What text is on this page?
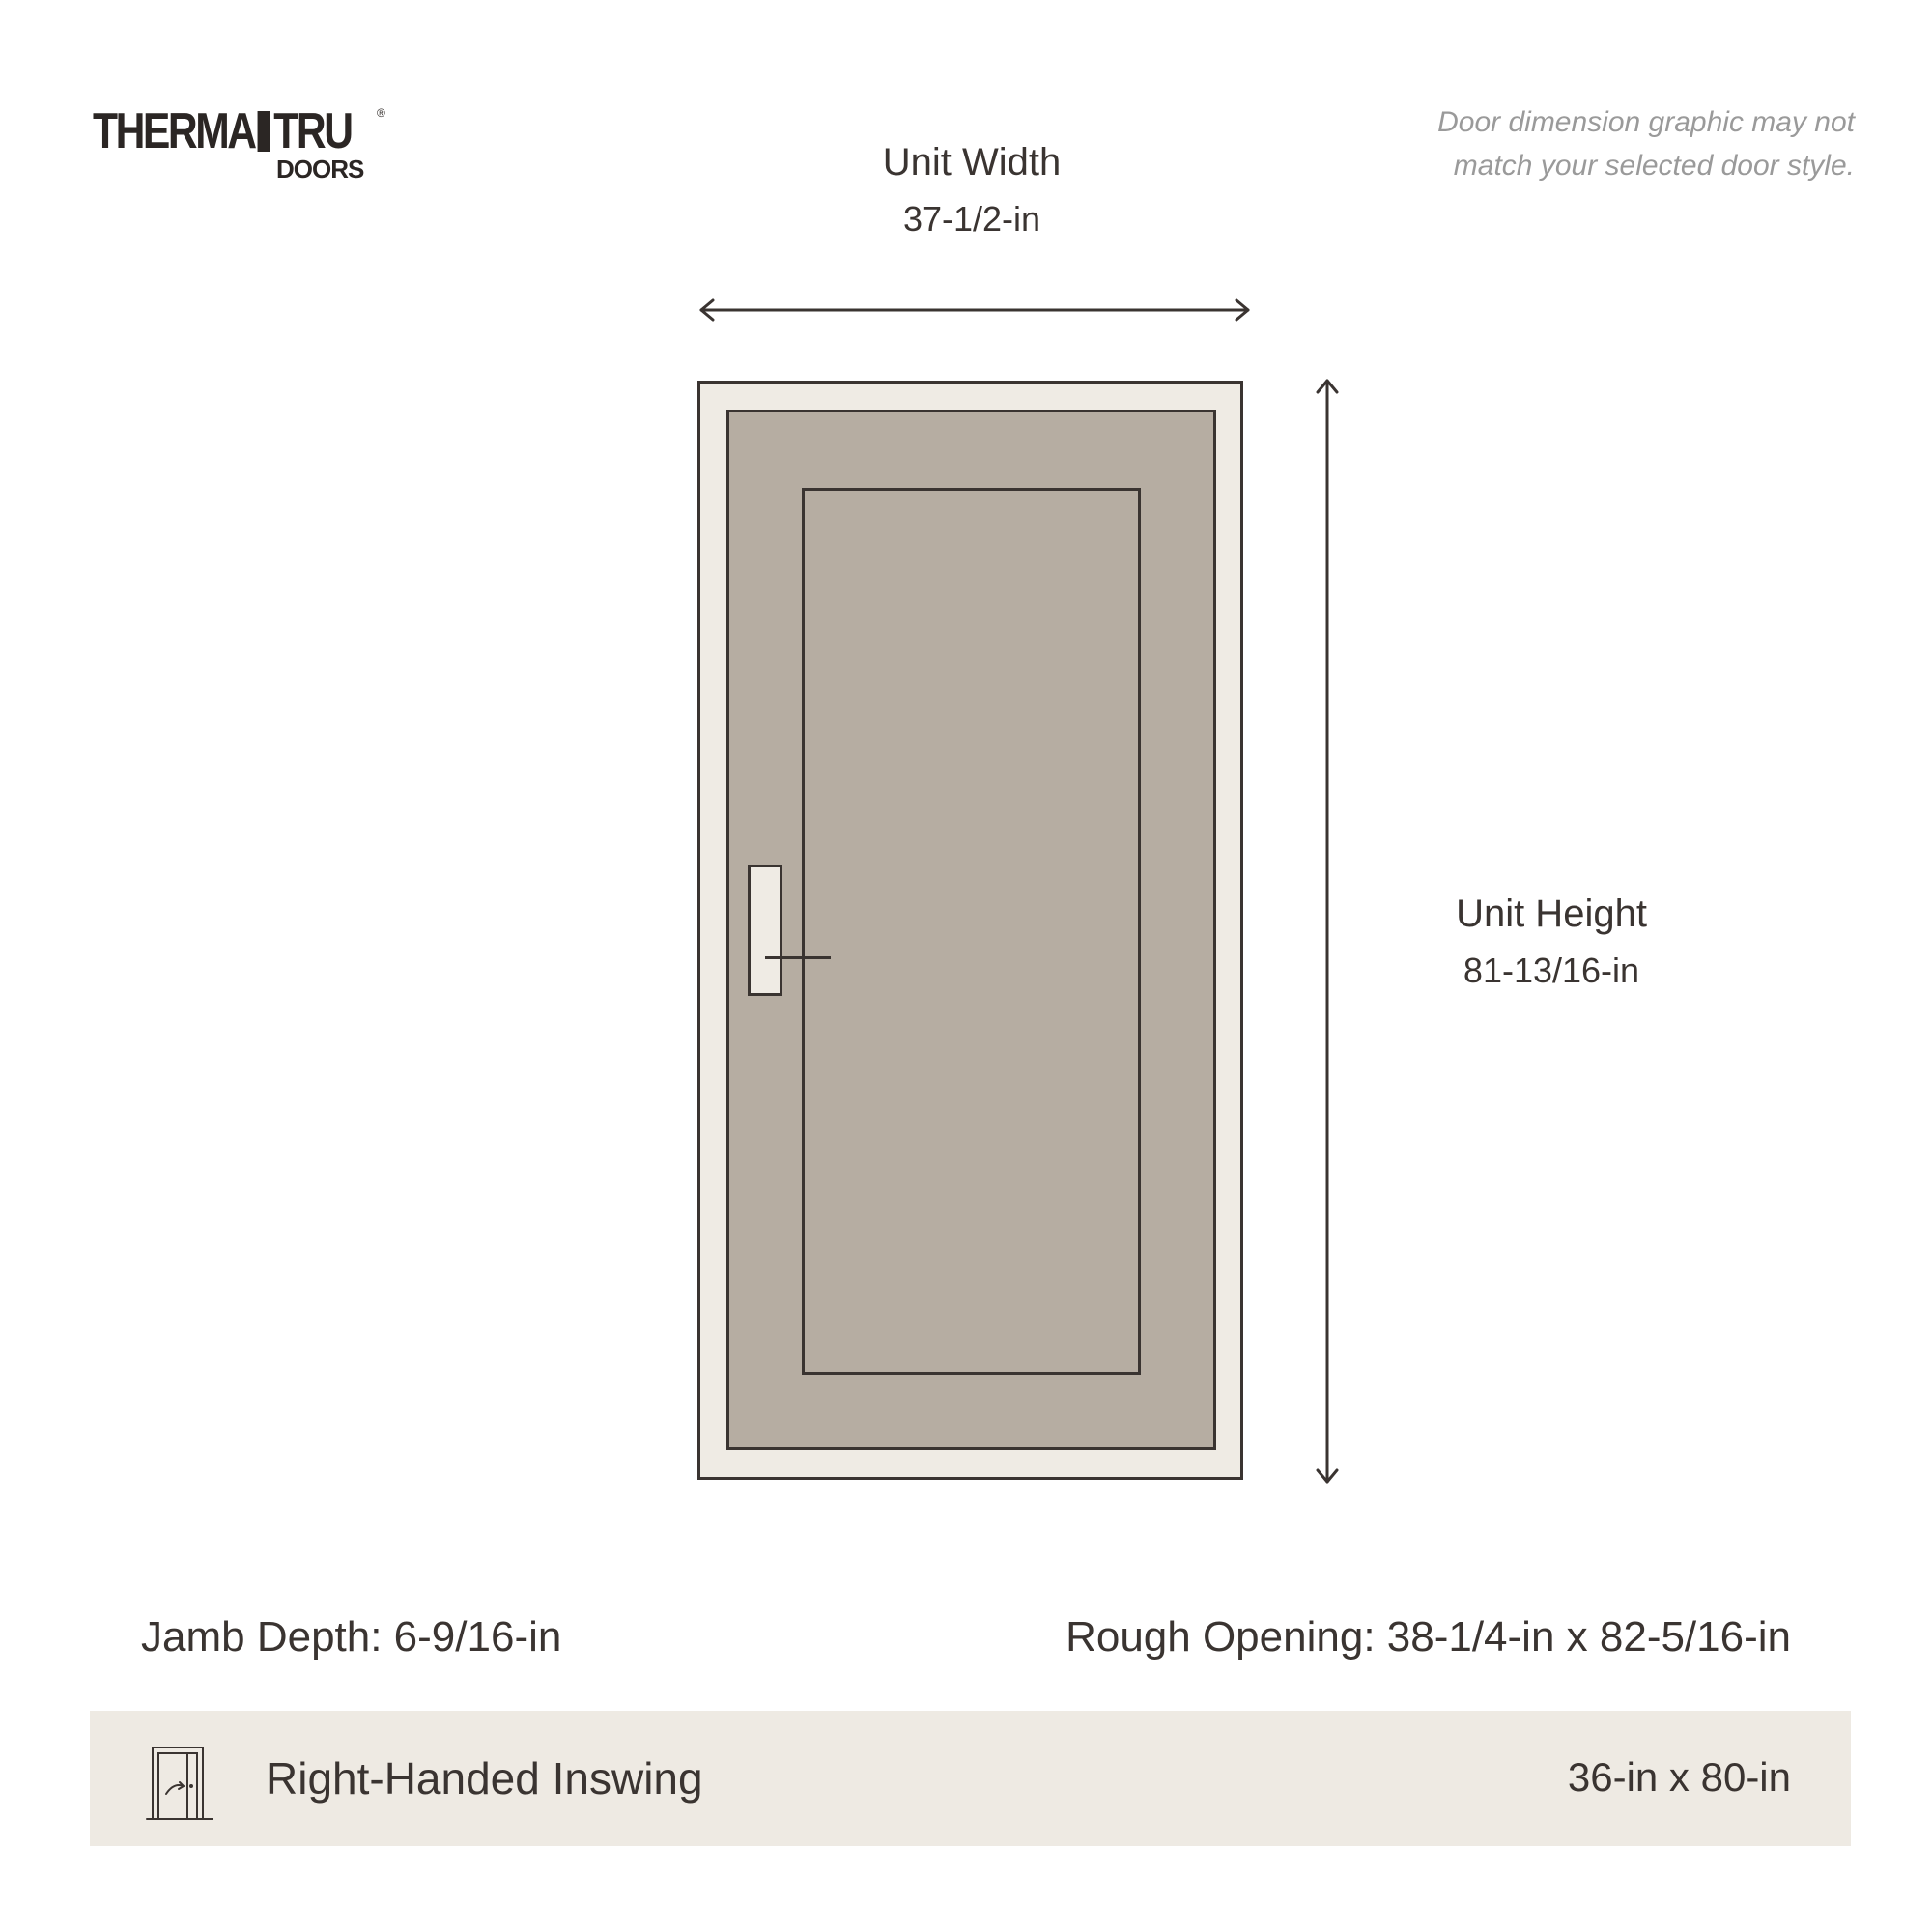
THERMA TRU ®
DOORS
Door dimension graphic may not
match your selected door style.
Unit Width
37-1/2-in
Unit Height
81-13/16-in
Jamb Depth: 6-9/16-in	Rough Opening: 38-1/4-in x 82-5/16-in
Right-Handed Inswing	36-in x 80-in
